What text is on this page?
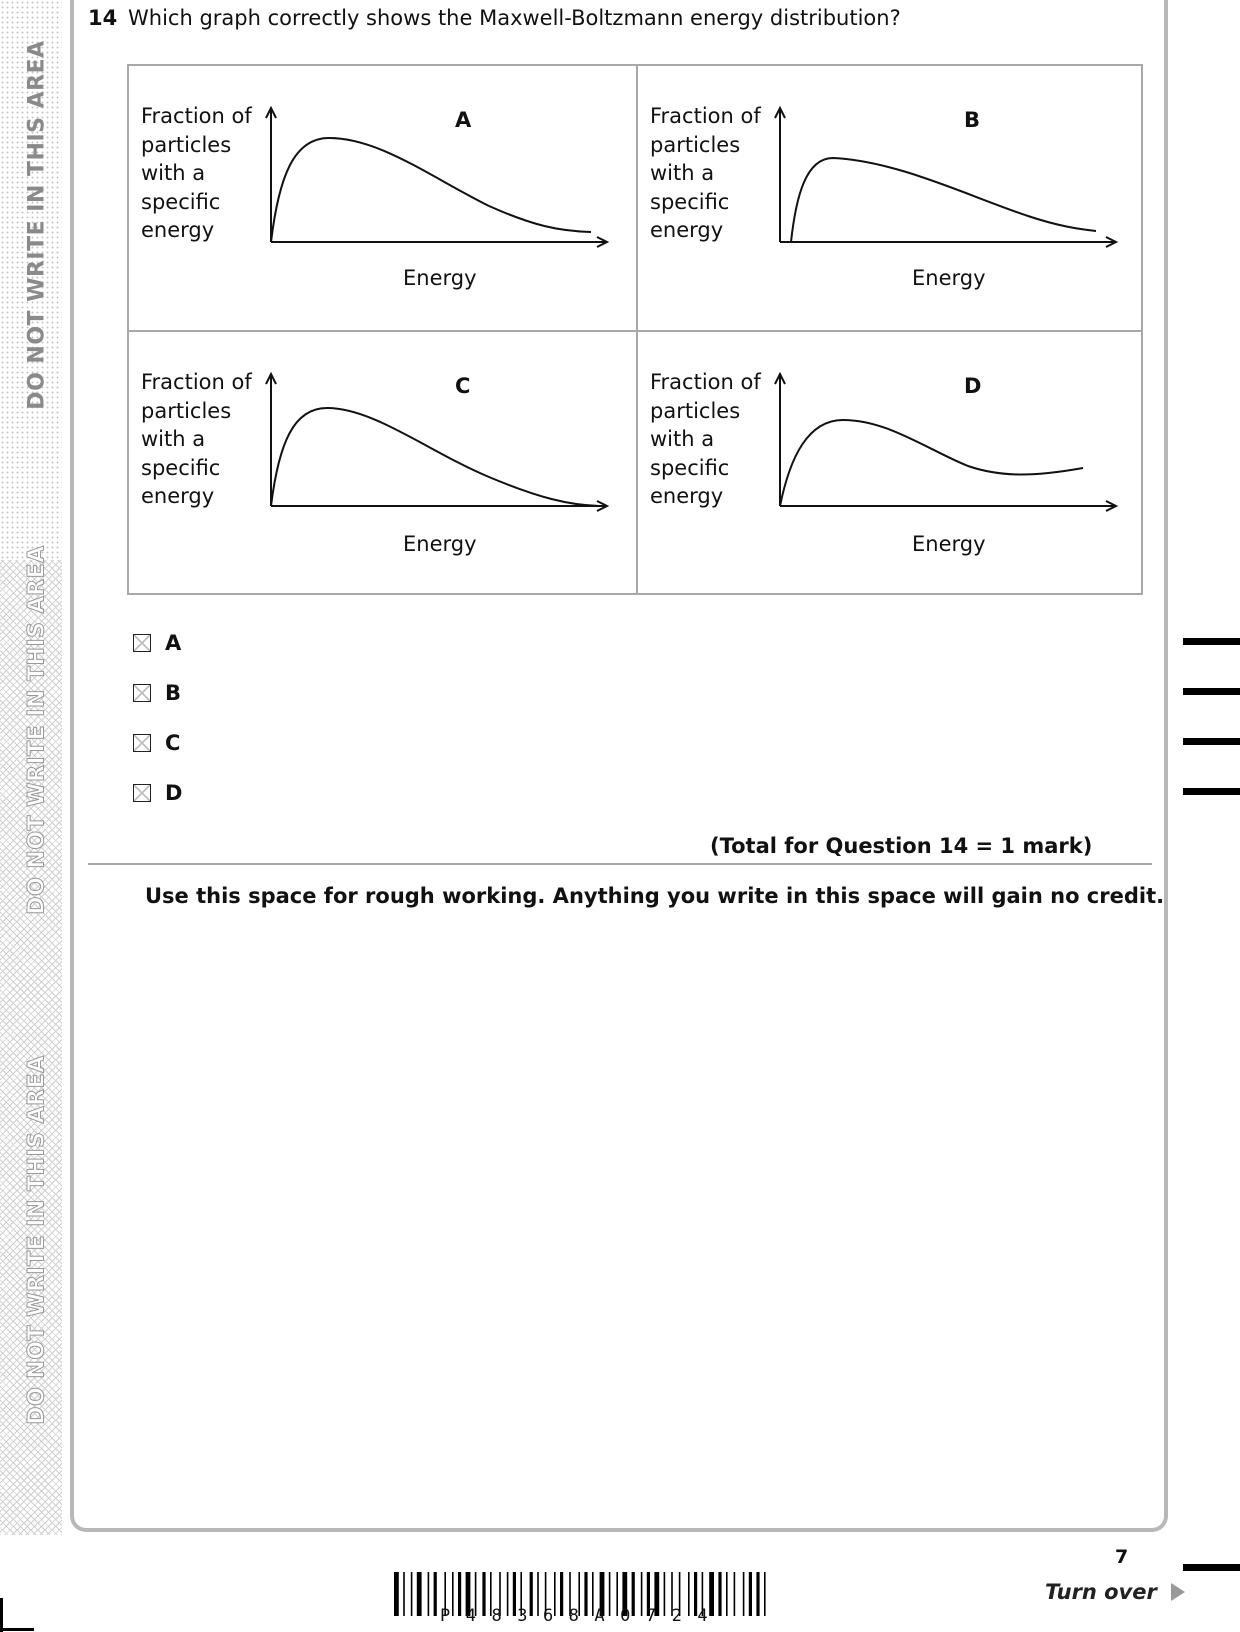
DO NOT WRITE IN THIS AREA
DO NOT WRITE IN THIS AREA
DO NOT WRITE IN THIS AREA
14 Which graph correctly shows the Maxwell-Boltzmann energy distribution?
Fraction of
particles
with a
specific
energy
A
Energy
Fraction of
particles
with a
specific
energy
B
Energy
Fraction of
particles
with a
specific
energy
C
Energy
Fraction of
particles
with a
specific
energy
D
Energy
A
B
C
D
(Total for Question 14 = 1 mark)
Use this space for rough working. Anything you write in this space will gain no credit.
7
Turn over
P48368A0724
